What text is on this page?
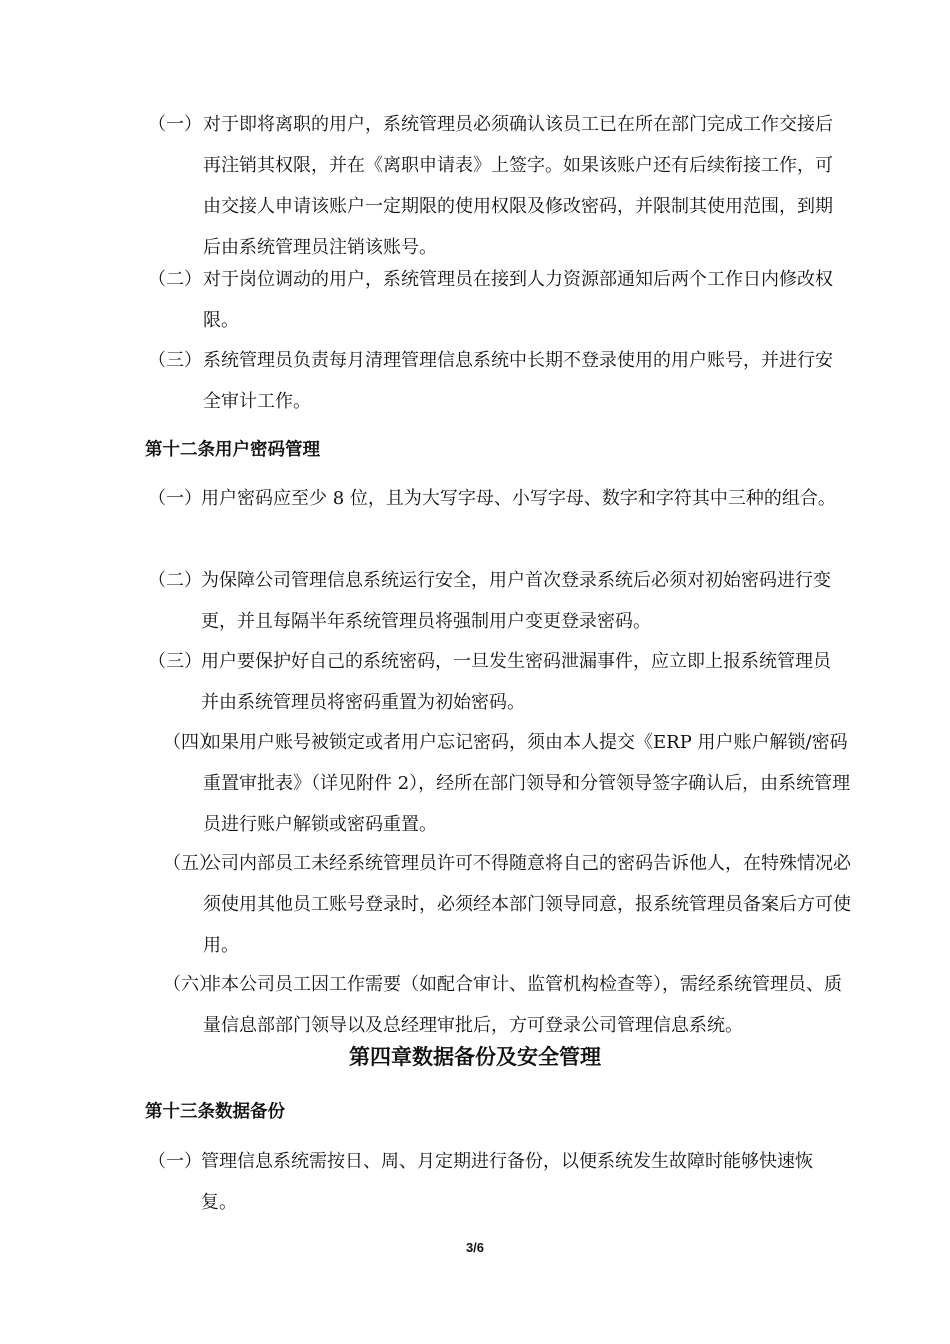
（一） 对于即将离职的用户，系统管理员必须确认该员工已在所在部门完成工作交接后再注销其权限，并在《离职申请表》上签字。如果该账户还有后续衔接工作，可由交接人申请该账户一定期限的使用权限及修改密码，并限制其使用范围，到期后由系统管理员注销该账号。
（二） 对于岗位调动的用户，系统管理员在接到人力资源部通知后两个工作日内修改权限。
（三） 系统管理员负责每月清理管理信息系统中长期不登录使用的用户账号，并进行安全审计工作。
第十二条用户密码管理
（一） 用户密码应至少 8 位，且为大写字母、小写字母、数字和字符其中三种的组合。
（二） 为保障公司管理信息系统运行安全，用户首次登录系统后必须对初始密码进行变更，并且每隔半年系统管理员将强制用户变更登录密码。
（三） 用户要保护好自己的系统密码，一旦发生密码泄漏事件，应立即上报系统管理员并由系统管理员将密码重置为初始密码。
（四）
如果用户账号被锁定或者用户忘记密码，须由本人提交《ERP 用户账户解锁/密码重置审批表》（详见附件 2），经所在部门领导和分管领导签字确认后，由系统管理员进行账户解锁或密码重置。
（五）
公司内部员工未经系统管理员许可不得随意将自己的密码告诉他人，在特殊情况必须使用其他员工账号登录时，必须经本部门领导同意，报系统管理员备案后方可使用。
（六）
非本公司员工因工作需要（如配合审计、监管机构检查等），需经系统管理员、质量信息部部门领导以及总经理审批后，方可登录公司管理信息系统。
第四章数据备份及安全管理
第十三条数据备份
（一） 管理信息系统需按日、周、月定期进行备份，以便系统发生故障时能够快速恢复。
3/6
